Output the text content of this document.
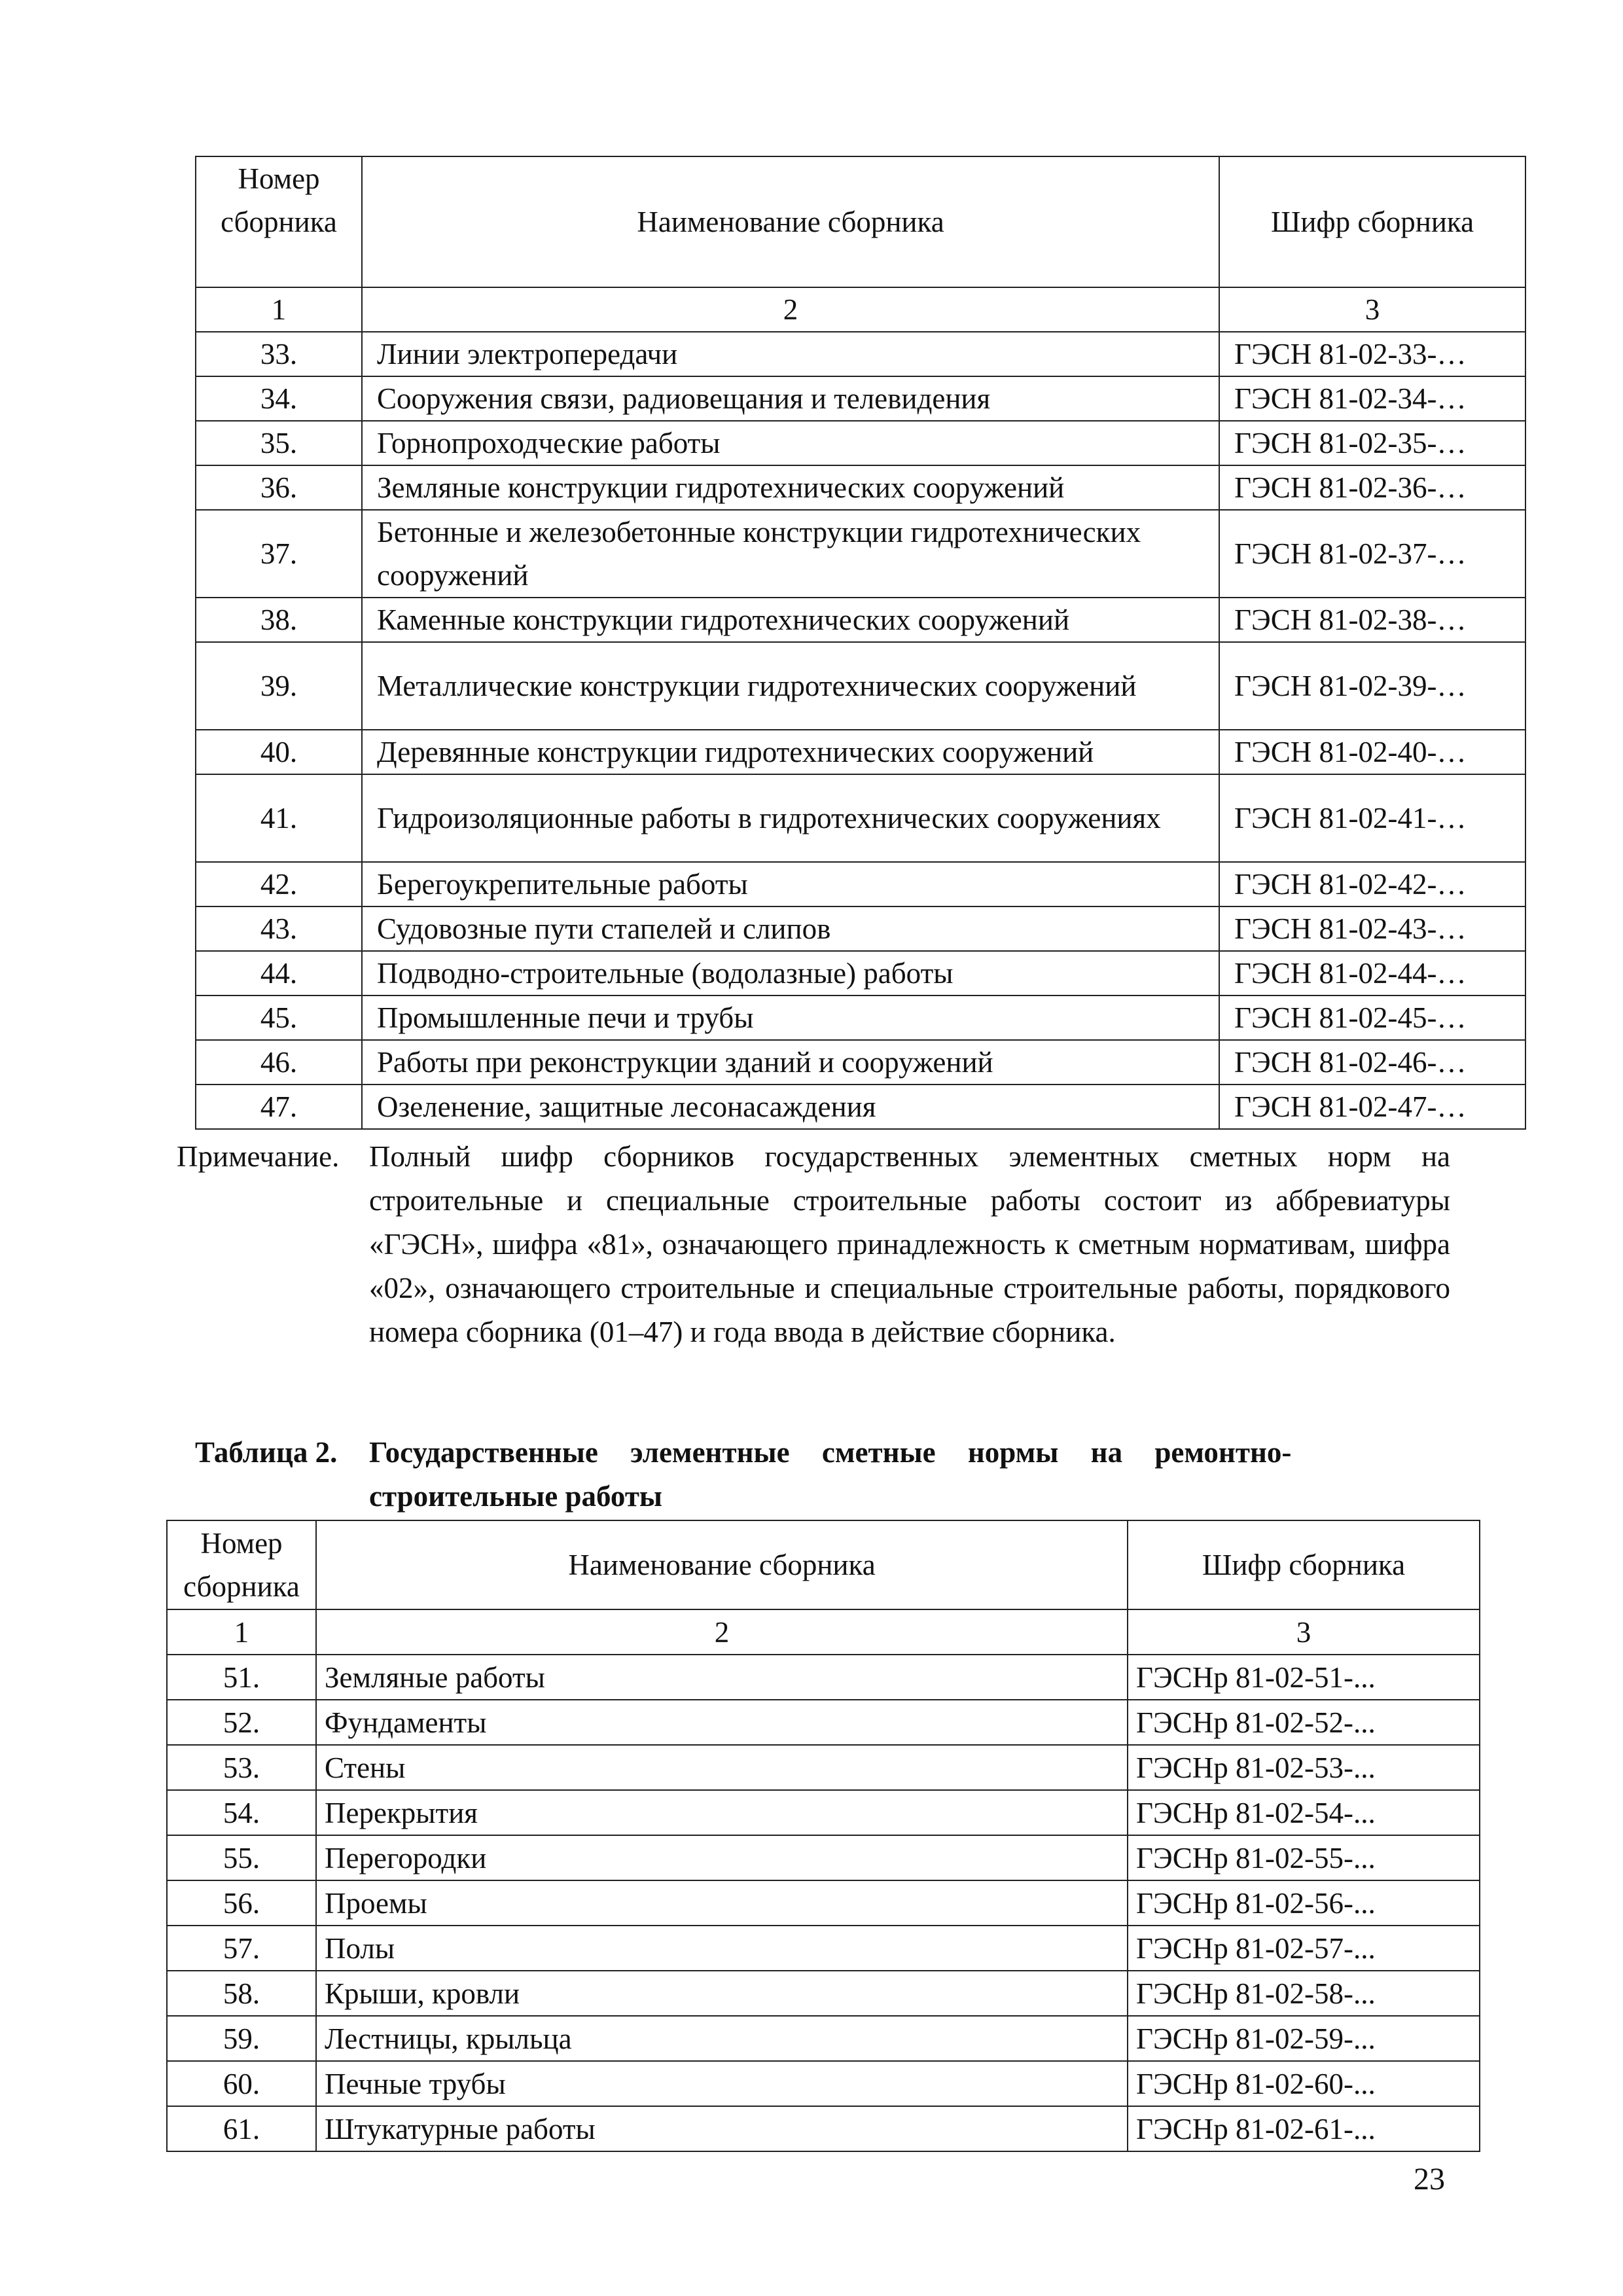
Номер сборника	Наименование сборника	Шифр сборника
1	2	3
33.	Линии электропередачи	ГЭСН 81-02-33-…
34.	Сооружения связи, радиовещания и телевидения	ГЭСН 81-02-34-…
35.	Горнопроходческие работы	ГЭСН 81-02-35-…
36.	Земляные конструкции гидротехнических сооружений	ГЭСН 81-02-36-…
37.	Бетонные и железобетонные конструкции гидротехнических сооружений	ГЭСН 81-02-37-…
38.	Каменные конструкции гидротехнических сооружений	ГЭСН 81-02-38-…
39.	Металлические конструкции гидротехнических сооружений	ГЭСН 81-02-39-…
40.	Деревянные конструкции гидротехнических сооружений	ГЭСН 81-02-40-…
41.	Гидроизоляционные работы в гидротехнических сооружениях	ГЭСН 81-02-41-…
42.	Берегоукрепительные работы	ГЭСН 81-02-42-…
43.	Судовозные пути стапелей и слипов	ГЭСН 81-02-43-…
44.	Подводно-строительные (водолазные) работы	ГЭСН 81-02-44-…
45.	Промышленные печи и трубы	ГЭСН 81-02-45-…
46.	Работы при реконструкции зданий и сооружений	ГЭСН 81-02-46-…
47.	Озеленение, защитные лесонасаждения	ГЭСН 81-02-47-…
Примечание. Полный шифр сборников государственных элементных сметных норм на строительные и специальные строительные работы состоит из аббревиатуры «ГЭСН», шифра «81», означающего принадлежность к сметным нормативам, шифра «02», означающего строительные и специальные строительные работы, порядкового номера сборника (01–47) и года ввода в действие сборника.
Таблица 2. Государственные элементные сметные нормы на ремонтно-
строительные работы
Номер сборника	Наименование сборника	Шифр сборника
1	2	3
51.	Земляные работы	ГЭСНр 81-02-51-...
52.	Фундаменты	ГЭСНр 81-02-52-...
53.	Стены	ГЭСНр 81-02-53-...
54.	Перекрытия	ГЭСНр 81-02-54-...
55.	Перегородки	ГЭСНр 81-02-55-...
56.	Проемы	ГЭСНр 81-02-56-...
57.	Полы	ГЭСНр 81-02-57-...
58.	Крыши, кровли	ГЭСНр 81-02-58-...
59.	Лестницы, крыльца	ГЭСНр 81-02-59-...
60.	Печные трубы	ГЭСНр 81-02-60-...
61.	Штукатурные работы	ГЭСНр 81-02-61-...
23
